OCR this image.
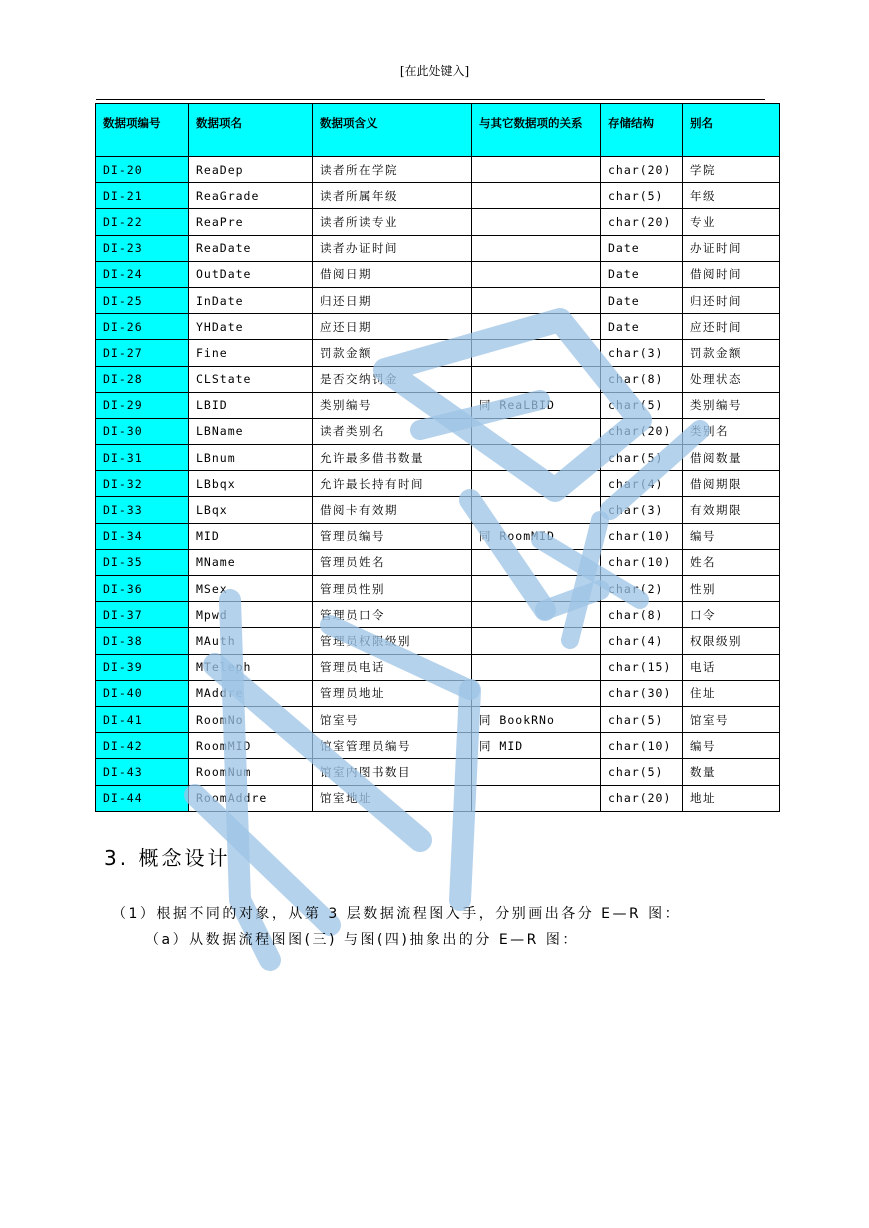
[在此处键入]
数据项编号	数据项名	数据项含义	与其它数据项的关系	存储结构	别名
DI-20	ReaDep	读者所在学院		char(20)	学院
DI-21	ReaGrade	读者所属年级		char(5)	年级
DI-22	ReaPre	读者所读专业		char(20)	专业
DI-23	ReaDate	读者办证时间		Date	办证时间
DI-24	OutDate	借阅日期		Date	借阅时间
DI-25	InDate	归还日期		Date	归还时间
DI-26	YHDate	应还日期		Date	应还时间
DI-27	Fine	罚款金额		char(3)	罚款金额
DI-28	CLState	是否交纳罚金		char(8)	处理状态
DI-29	LBID	类别编号	同 ReaLBID	char(5)	类别编号
DI-30	LBName	读者类别名		char(20)	类别名
DI-31	LBnum	允许最多借书数量		char(5)	借阅数量
DI-32	LBbqx	允许最长持有时间		char(4)	借阅期限
DI-33	LBqx	借阅卡有效期		char(3)	有效期限
DI-34	MID	管理员编号	同 RoomMID	char(10)	编号
DI-35	MName	管理员姓名		char(10)	姓名
DI-36	MSex	管理员性别		char(2)	性别
DI-37	Mpwd	管理员口令		char(8)	口令
DI-38	MAuth	管理员权限级别		char(4)	权限级别
DI-39	MTeleph	管理员电话		char(15)	电话
DI-40	MAddre	管理员地址		char(30)	住址
DI-41	RoomNo	馆室号	同 BookRNo	char(5)	馆室号
DI-42	RoomMID	馆室管理员编号	同 MID	char(10)	编号
DI-43	RoomNum	馆室内图书数目		char(5)	数量
DI-44	RoomAddre	馆室地址		char(20)	地址
3. 概念设计
（1）根据不同的对象，从第 3 层数据流程图入手，分别画出各分 E—R 图：
（a）从数据流程图图(三) 与图(四)抽象出的分 E—R 图：
